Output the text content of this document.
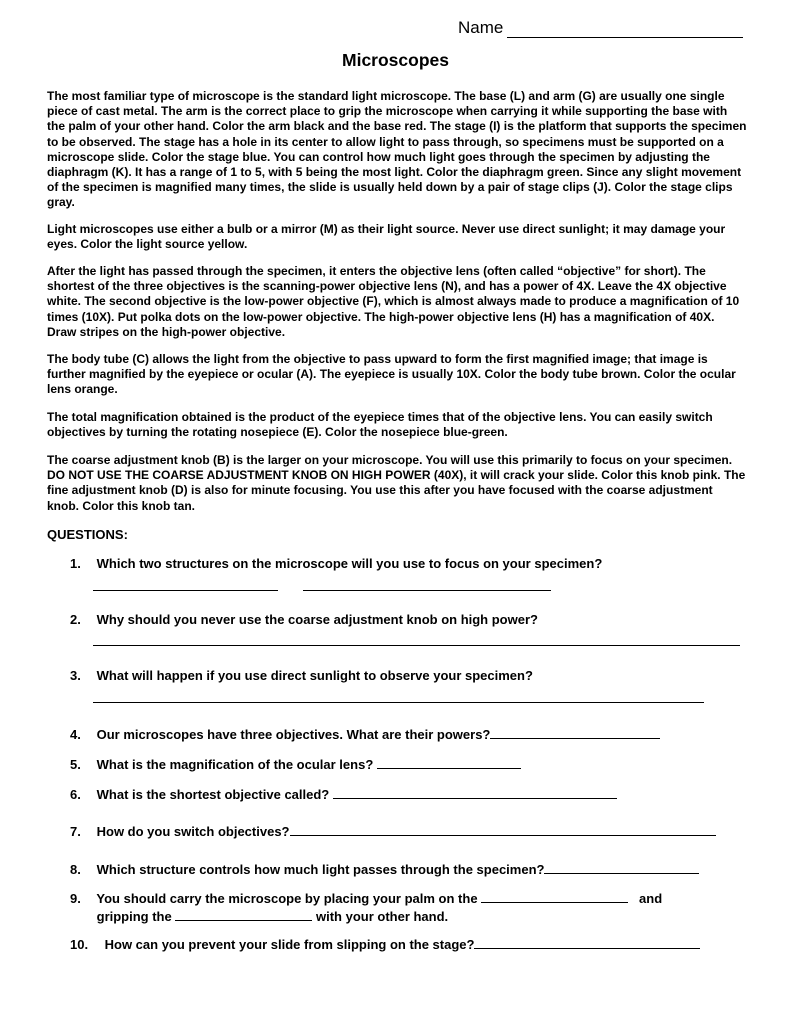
Name
Microscopes

The most familiar type of microscope is the standard light microscope. The base (L) and arm (G) are usually one single piece of cast metal. The arm is the correct place to grip the microscope when carrying it while supporting the base with the palm of your other hand. Color the arm black and the base red. The stage (I) is the platform that supports the specimen to be observed. The stage has a hole in its center to allow light to pass through, so specimens must be supported on a microscope slide. Color the stage blue. You can control how much light goes through the specimen by adjusting the diaphragm (K). It has a range of 1 to 5, with 5 being the most light. Color the diaphragm green. Since any slight movement of the specimen is magnified many times, the slide is usually held down by a pair of stage clips (J). Color the stage clips gray.

Light microscopes use either a bulb or a mirror (M) as their light source. Never use direct sunlight; it may damage your eyes. Color the light source yellow.

After the light has passed through the specimen, it enters the objective lens (often called “objective” for short). The shortest of the three objectives is the scanning-power objective lens (N), and has a power of 4X. Leave the 4X objective white. The second objective is the low-power objective (F), which is almost always made to produce a magnification of 10 times (10X). Put polka dots on the low-power objective. The high-power objective lens (H) has a magnification of 40X. Draw stripes on the high-power objective.

The body tube (C) allows the light from the objective to pass upward to form the first magnified image; that image is further magnified by the eyepiece or ocular (A). The eyepiece is usually 10X. Color the body tube brown. Color the ocular lens orange.

The total magnification obtained is the product of the eyepiece times that of the objective lens. You can easily switch objectives by turning the rotating nosepiece (E). Color the nosepiece blue-green.

The coarse adjustment knob (B) is the larger on your microscope. You will use this primarily to focus on your specimen. DO NOT USE THE COARSE ADJUSTMENT KNOB ON HIGH POWER (40X), it will crack your slide. Color this knob pink. The fine adjustment knob (D) is also for minute focusing. You use this after you have focused with the coarse adjustment knob. Color this knob tan.

QUESTIONS:
1. Which two structures on the microscope will you use to focus on your specimen?
2. Why should you never use the coarse adjustment knob on high power?
3. What will happen if you use direct sunlight to observe your specimen?
4. Our microscopes have three objectives. What are their powers?
5. What is the magnification of the ocular lens?
6. What is the shortest objective called?
7. How do you switch objectives?
8. Which structure controls how much light passes through the specimen?
9. You should carry the microscope by placing your palm on the	and
gripping the	with your other hand.
10. How can you prevent your slide from slipping on the stage?
